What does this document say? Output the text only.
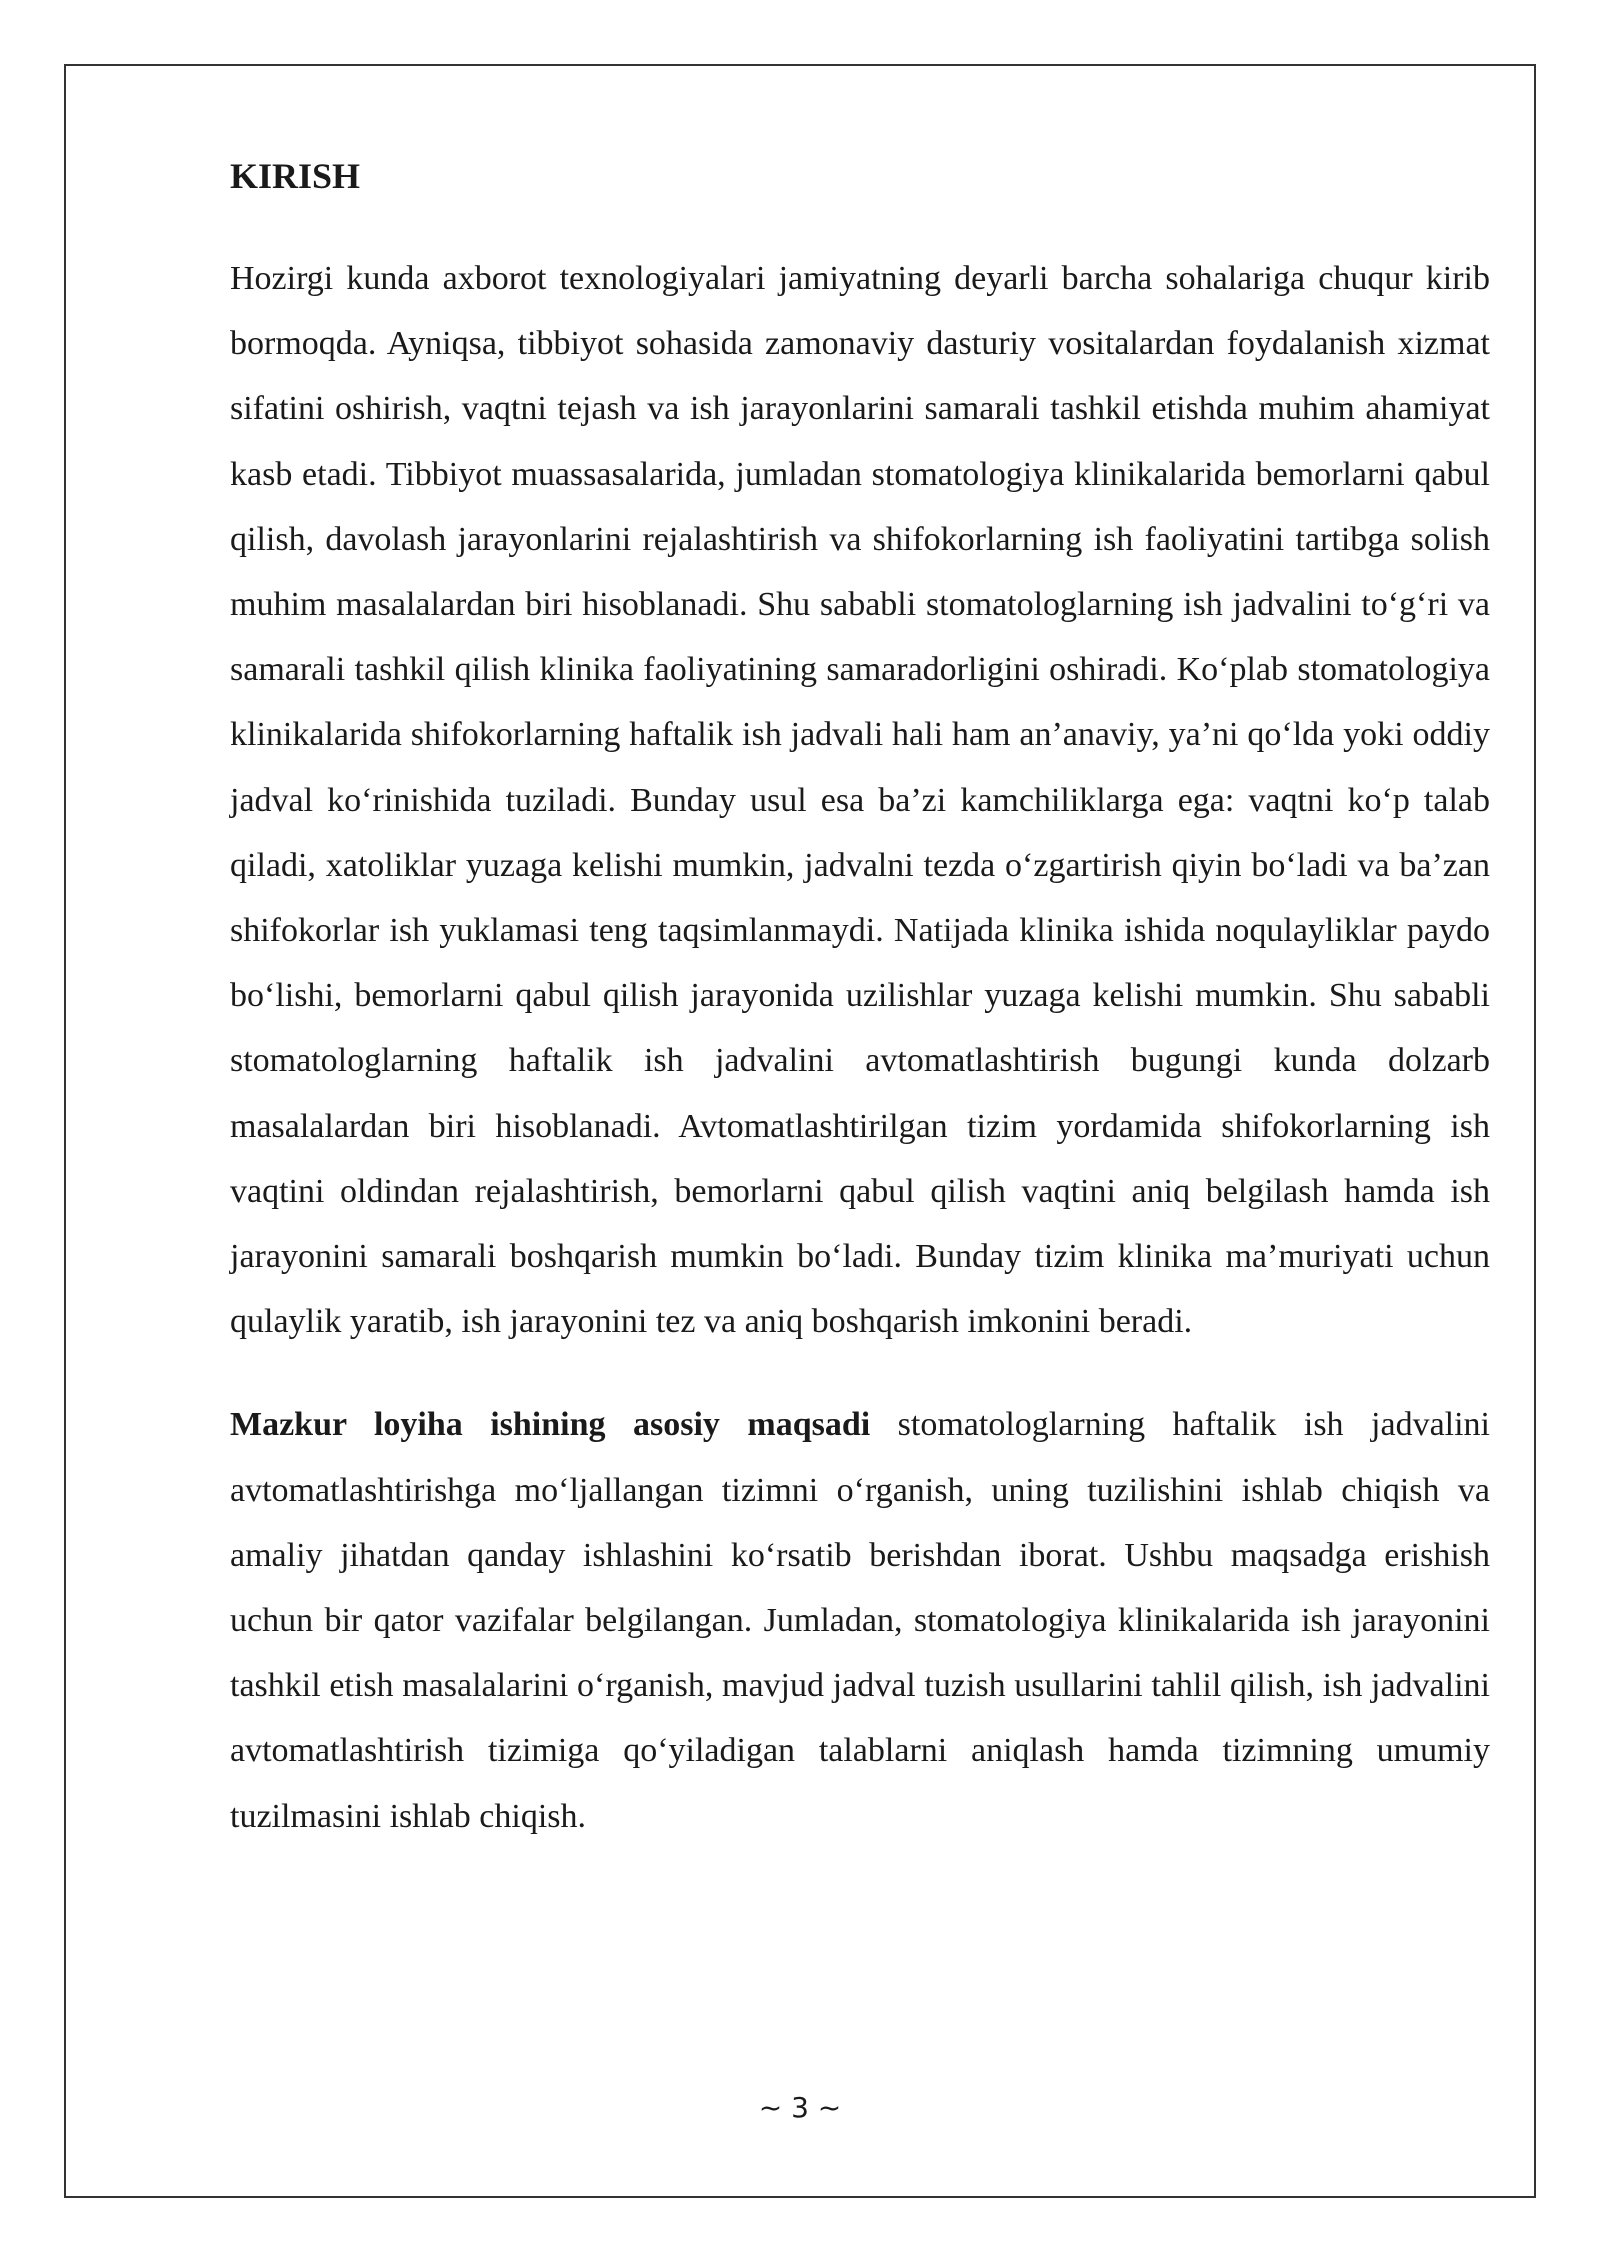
KIRISH

Hozirgi kunda axborot texnologiyalari jamiyatning deyarli barcha sohalariga chuqur kirib bormoqda. Ayniqsa, tibbiyot sohasida zamonaviy dasturiy vositalardan foydalanish xizmat sifatini oshirish, vaqtni tejash va ish jarayonlarini samarali tashkil etishda muhim ahamiyat kasb etadi. Tibbiyot muassasalarida, jumladan stomatologiya klinikalarida bemorlarni qabul qilish, davolash jarayonlarini rejalashtirish va shifokorlarning ish faoliyatini tartibga solish muhim masalalardan biri hisoblanadi. Shu sababli stomatologlarning ish jadvalini to‘g‘ri va samarali tashkil qilish klinika faoliyatining samaradorligini oshiradi. Ko‘plab stomatologiya klinikalarida shifokorlarning haftalik ish jadvali hali ham an’anaviy, ya’ni qo‘lda yoki oddiy jadval ko‘rinishida tuziladi. Bunday usul esa ba’zi kamchiliklarga ega: vaqtni ko‘p talab qiladi, xatoliklar yuzaga kelishi mumkin, jadvalni tezda o‘zgartirish qiyin bo‘ladi va ba’zan shifokorlar ish yuklamasi teng taqsimlanmaydi. Natijada klinika ishida noqulayliklar paydo bo‘lishi, bemorlarni qabul qilish jarayonida uzilishlar yuzaga kelishi mumkin. Shu sababli stomatologlarning haftalik ish jadvalini avtomatlashtirish bugungi kunda dolzarb masalalardan biri hisoblanadi. Avtomatlashtirilgan tizim yordamida shifokorlarning ish vaqtini oldindan rejalashtirish, bemorlarni qabul qilish vaqtini aniq belgilash hamda ish jarayonini samarali boshqarish mumkin bo‘ladi. Bunday tizim klinika ma’muriyati uchun qulaylik yaratib, ish jarayonini tez va aniq boshqarish imkonini beradi.

Mazkur loyiha ishining asosiy maqsadi stomatologlarning haftalik ish jadvalini avtomatlashtirishga mo‘ljallangan tizimni o‘rganish, uning tuzilishini ishlab chiqish va amaliy jihatdan qanday ishlashini ko‘rsatib berishdan iborat. Ushbu maqsadga erishish uchun bir qator vazifalar belgilangan. Jumladan, stomatologiya klinikalarida ish jarayonini tashkil etish masalalarini o‘rganish, mavjud jadval tuzish usullarini tahlil qilish, ish jadvalini avtomatlashtirish tizimiga qo‘yiladigan talablarni aniqlash hamda tizimning umumiy tuzilmasini ishlab chiqish.

~ 3 ~
